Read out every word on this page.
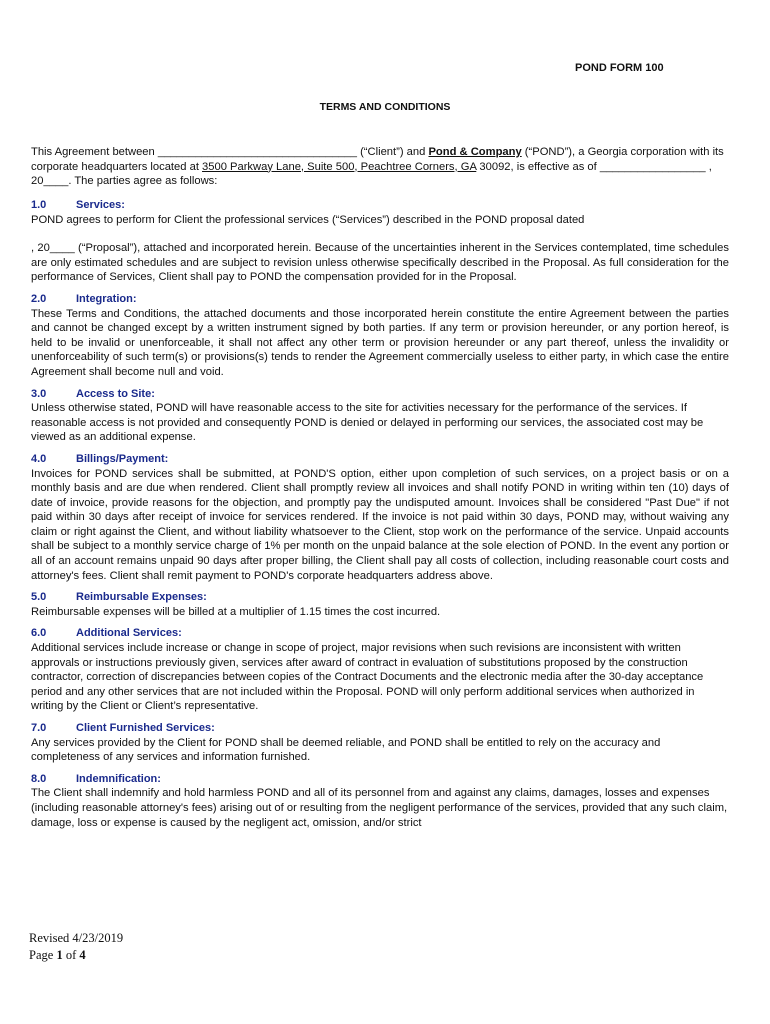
POND FORM 100
TERMS AND CONDITIONS

This Agreement between ________________________________ (“Client”) and Pond & Company (“POND”), a Georgia corporation with its corporate headquarters located at 3500 Parkway Lane, Suite 500, Peachtree Corners, GA 30092, is effective as of _________________ , 20____. The parties agree as follows:

1.0	Services:

POND agrees to perform for Client the professional services (“Services”) described in the POND proposal dated

, 20____ (“Proposal”), attached and incorporated herein. Because of the uncertainties inherent in the Services contemplated, time schedules are only estimated schedules and are subject to revision unless otherwise specifically described in the Proposal. As full consideration for the performance of Services, Client shall pay to POND the compensation provided for in the Proposal.

2.0	Integration:

These Terms and Conditions, the attached documents and those incorporated herein constitute the entire Agreement between the parties and cannot be changed except by a written instrument signed by both parties. If any term or provision hereunder, or any portion hereof, is held to be invalid or unenforceable, it shall not affect any other term or provision hereunder or any part thereof, unless the invalidity or unenforceability of such term(s) or provisions(s) tends to render the Agreement commercially useless to either party, in which case the entire Agreement shall become null and void.

3.0	Access to Site:

Unless otherwise stated, POND will have reasonable access to the site for activities necessary for the performance of the services. If reasonable access is not provided and consequently POND is denied or delayed in performing our services, the associated cost may be viewed as an additional expense.

4.0	Billings/Payment:

Invoices for POND services shall be submitted, at POND'S option, either upon completion of such services, on a project basis or on a monthly basis and are due when rendered. Client shall promptly review all invoices and shall notify POND in writing within ten (10) days of date of invoice, provide reasons for the objection, and promptly pay the undisputed amount. Invoices shall be considered "Past Due" if not paid within 30 days after receipt of invoice for services rendered. If the invoice is not paid within 30 days, POND may, without waiving any claim or right against the Client, and without liability whatsoever to the Client, stop work on the performance of the service. Unpaid accounts shall be subject to a monthly service charge of 1% per month on the unpaid balance at the sole election of POND. In the event any portion or all of an account remains unpaid 90 days after proper billing, the Client shall pay all costs of collection, including reasonable court costs and attorney's fees. Client shall remit payment to POND's corporate headquarters address above.

5.0	Reimbursable Expenses:

Reimbursable expenses will be billed at a multiplier of 1.15 times the cost incurred.

6.0	Additional Services:

Additional services include increase or change in scope of project, major revisions when such revisions are inconsistent with written approvals or instructions previously given, services after award of contract in evaluation of substitutions proposed by the construction contractor, correction of discrepancies between copies of the Contract Documents and the electronic media after the 30-day acceptance period and any other services that are not included within the Proposal. POND will only perform additional services when authorized in writing by the Client or Client’s representative.

7.0	Client Furnished Services:

Any services provided by the Client for POND shall be deemed reliable, and POND shall be entitled to rely on the accuracy and completeness of any services and information furnished.

8.0	Indemnification:

The Client shall indemnify and hold harmless POND and all of its personnel from and against any claims, damages, losses and expenses (including reasonable attorney's fees) arising out of or resulting from the negligent performance of the services, provided that any such claim, damage, loss or expense is caused by the negligent act, omission, and/or strict

Revised 4/23/2019
Page 1 of 4
